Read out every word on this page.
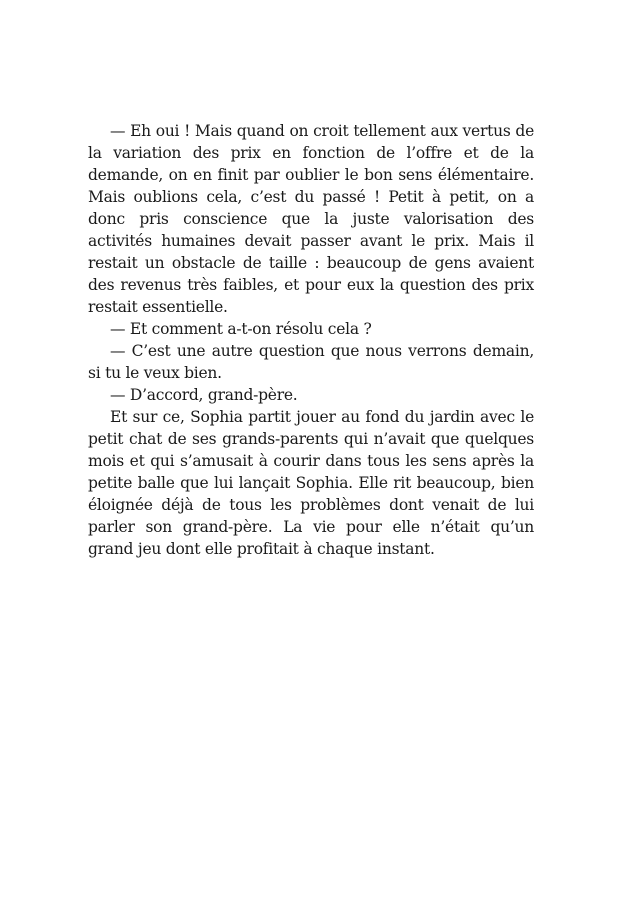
— Eh oui ! Mais quand on croit tellement aux vertus de la variation des prix en fonction de l’offre et de la demande, on en finit par oublier le bon sens élémentaire. Mais oublions cela, c’est du passé ! Petit à petit, on a donc pris conscience que la juste valorisation des activités humaines devait passer avant le prix. Mais il restait un obstacle de taille : beaucoup de gens avaient des revenus très faibles, et pour eux la question des prix restait essentielle.

— Et comment a-t-on résolu cela ?

— C’est une autre question que nous verrons demain, si tu le veux bien.

— D’accord, grand-père.

Et sur ce, Sophia partit jouer au fond du jardin avec le petit chat de ses grands-parents qui n’avait que quelques mois et qui s’amusait à courir dans tous les sens après la petite balle que lui lançait Sophia. Elle rit beaucoup, bien éloignée déjà de tous les problèmes dont venait de lui parler son grand-père. La vie pour elle n’était qu’un grand jeu dont elle profitait à chaque instant.
